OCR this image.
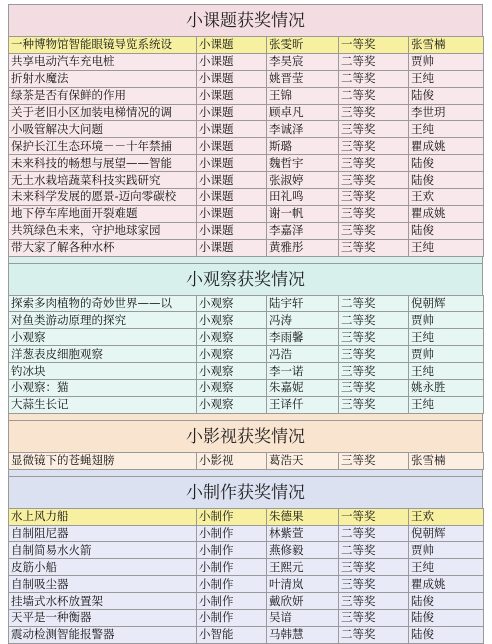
小课题获奖情况
一种博物馆智能眼镜导览系统设	小课题	张雯昕	一等奖	张雪楠
共享电动汽车充电桩	小课题	李昊宸	二等奖	贾帅
折射水魔法	小课题	姚晋莹	二等奖	王纯
绿茶是否有保鲜的作用	小课题	王锦	二等奖	陆俊
关于老旧小区加装电梯情况的调	小课题	顾卓凡	三等奖	李世玥
小吸管解决大问题	小课题	李诚泽	三等奖	王纯
保护长江生态环境－－十年禁捕	小课题	斯璐	三等奖	瞿成姚
未来科技的畅想与展望——智能	小课题	魏哲宇	三等奖	陆俊
无土水栽培蔬菜科技实践研究	小课题	张淑婷	三等奖	陆俊
未来科学发展的愿景-迈向零碳校	小课题	田礼鸣	三等奖	王欢
地下停车库地面开裂难题	小课题	谢一帆	三等奖	瞿成姚
共筑绿色未来，守护地球家园	小课题	李嘉泽	三等奖	陆俊
带大家了解各种水杯	小课题	黄雅彤	三等奖	王纯
小观察获奖情况
探索多肉植物的奇妙世界——以	小观察	陆宇轩	二等奖	倪朝辉
对鱼类游动原理的探究	小观察	冯涛	二等奖	贾帅
小观察	小观察	李雨馨	三等奖	王纯
洋葱表皮细胞观察	小观察	冯浩	三等奖	贾帅
钓冰块	小观察	李一诺	三等奖	王纯
小观察：猫	小观察	朱嘉妮	三等奖	姚永胜
大蒜生长记	小观察	王译仟	三等奖	王纯
小影视获奖情况
显微镜下的苍蝇翅膀	小影视	葛浩天	三等奖	张雪楠
小制作获奖情况
水上风力船	小制作	朱德果	一等奖	王欢
自制阻尼器	小制作	林紫萱	二等奖	倪朝辉
自制简易水火箭	小制作	燕修毅	二等奖	贾帅
皮筋小船	小制作	王熙元	三等奖	王纯
自制吸尘器	小制作	叶清岚	三等奖	瞿成姚
挂墙式水杯放置架	小制作	戴欣妍	三等奖	陆俊
天平是一种衡器	小制作	吴谙	三等奖	陆俊
震动检测智能报警器	小智能	马韩慧	二等奖	陆俊
